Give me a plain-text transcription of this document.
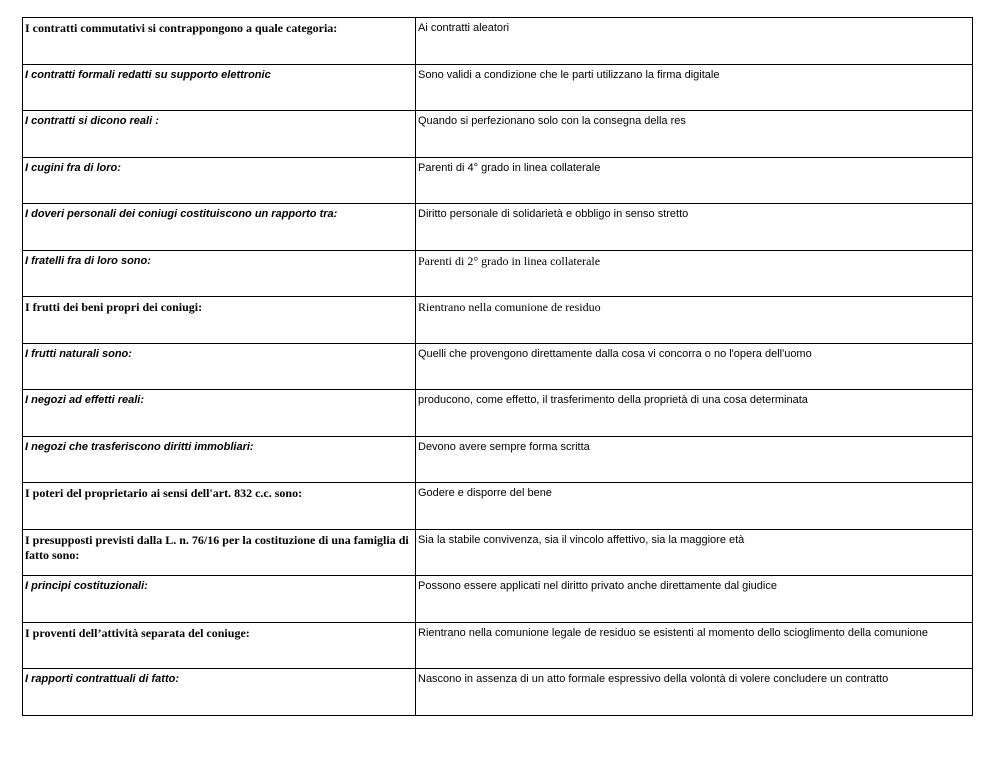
I contratti commutativi si contrappongono a quale categoria:	Ai contratti aleatori
I contratti formali redatti su supporto elettronic	Sono validi a condizione che le parti utilizzano la firma digitale
I contratti si dicono reali :	Quando si perfezionano solo con la consegna della res
I cugini fra di loro:	Parenti di 4° grado in linea collaterale
I doveri personali dei coniugi costituiscono un rapporto tra:	Diritto personale di solidarietà e obbligo in senso stretto
I fratelli fra di loro sono:	Parenti di 2° grado in linea collaterale
I frutti dei beni propri dei coniugi:	Rientrano nella comunione de residuo
I frutti naturali sono:	Quelli che provengono direttamente dalla cosa vi concorra o no l'opera dell'uomo
I negozi ad effetti reali:	producono, come effetto, il trasferimento della proprietà di una cosa determinata
I negozi che trasferiscono diritti immobliari:	Devono avere sempre forma scritta
I poteri del proprietario ai sensi dell'art. 832 c.c. sono:	Godere e disporre del bene
I presupposti previsti dalla L. n. 76/16 per la costituzione di una famiglia di fatto sono:	Sia la stabile convivenza, sia il vincolo affettivo, sia la maggiore età
I principi costituzionali:	Possono essere applicati nel diritto privato anche direttamente dal giudice
I proventi dell’attività separata del coniuge:	Rientrano nella comunione legale de residuo se esistenti al momento dello scioglimento della comunione
I rapporti contrattuali di fatto:	Nascono in assenza di un atto formale espressivo della volontà di volere concludere un contratto
